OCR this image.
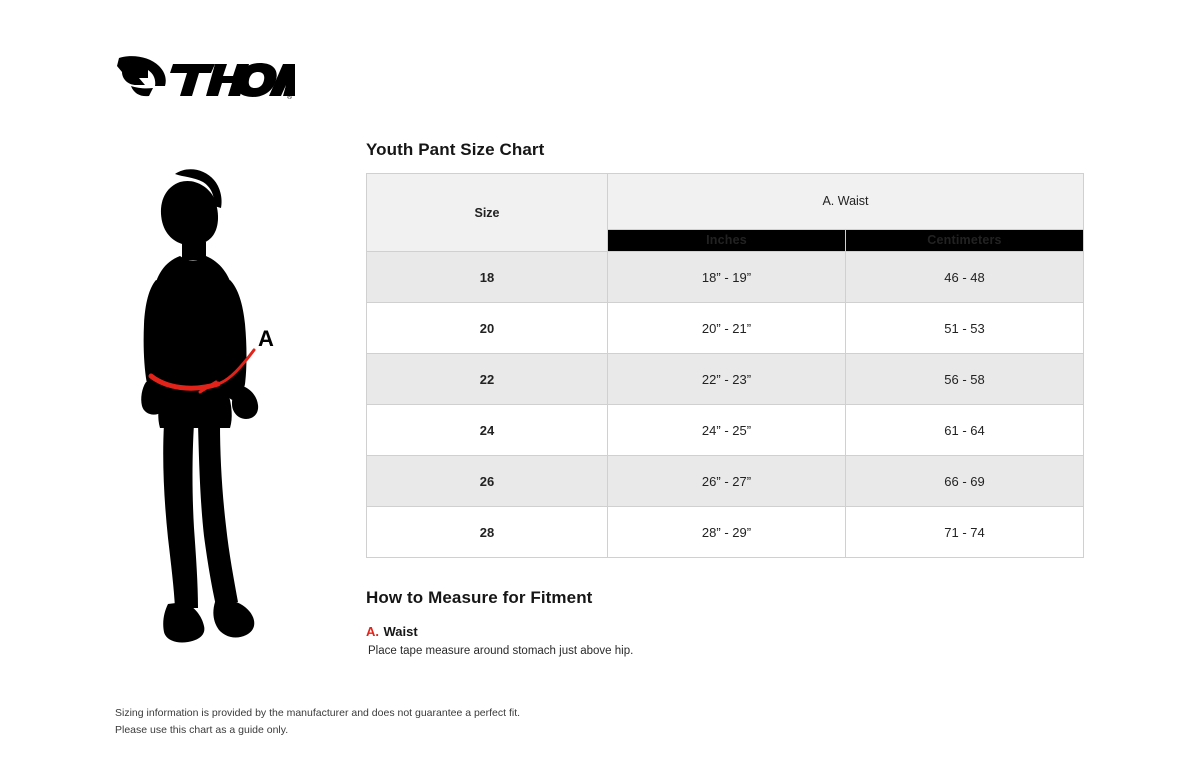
®
A
Youth Pant Size Chart
Size	A. Waist	
	Inches	Centimeters
18	18” - 19”	46 - 48
20	20” - 21”	51 - 53
22	22” - 23”	56 - 58
24	24” - 25”	61 - 64
26	26” - 27”	66 - 69
28	28” - 29”	71 - 74
How to Measure for Fitment
A. Waist
Place tape measure around stomach just above hip.
Sizing information is provided by the manufacturer and does not guarantee a perfect fit.
Please use this chart as a guide only.
